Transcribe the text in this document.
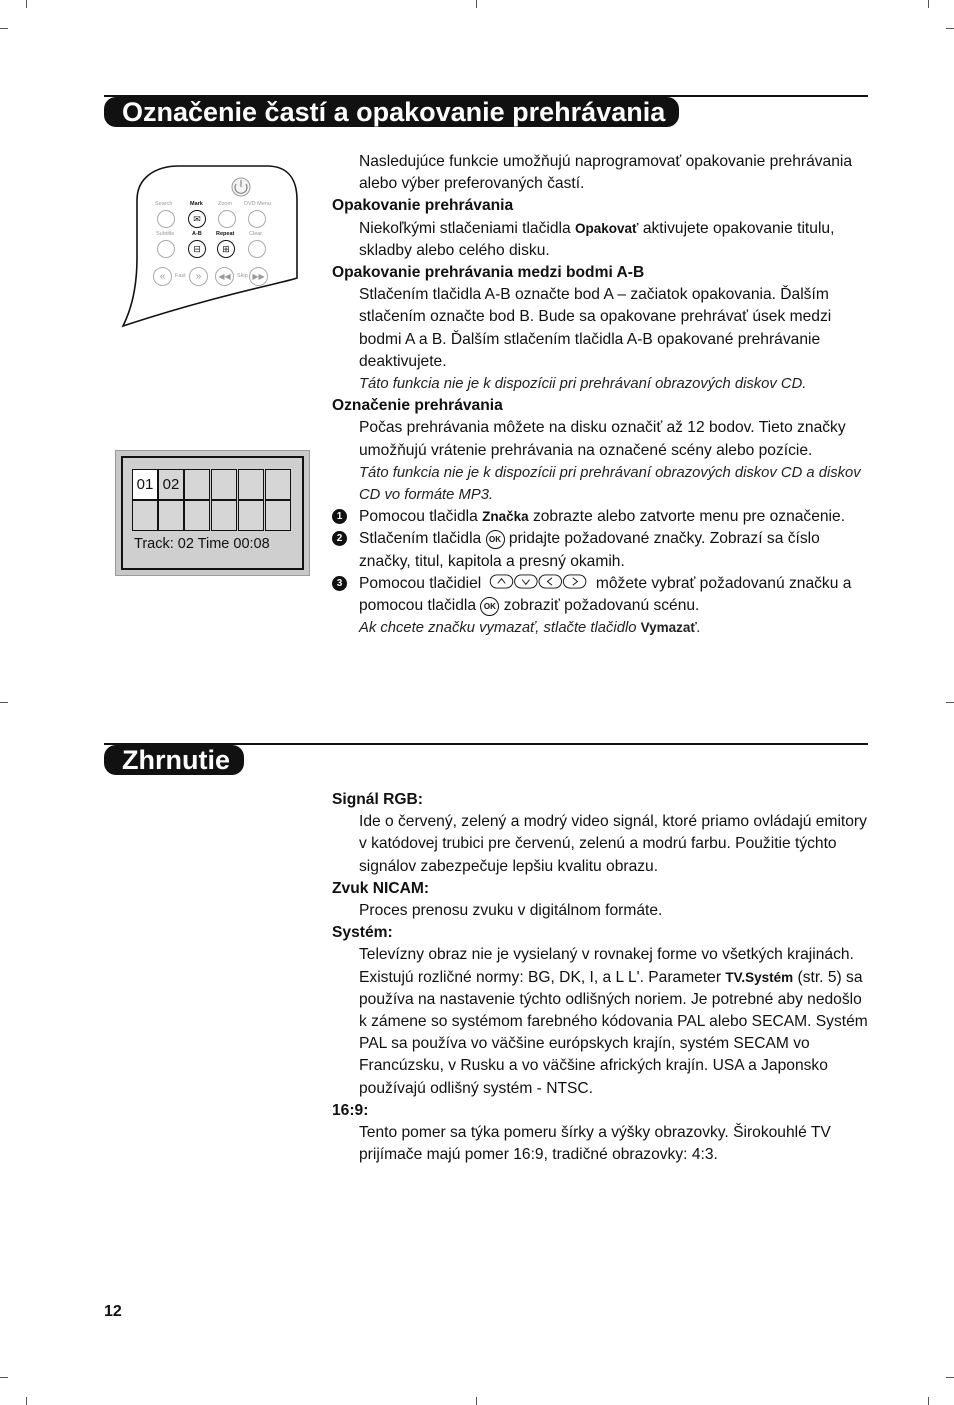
Označenie častí a opakovanie prehrávania
Search	Mark	Zoom DVD Menu
✉
Subtitle	A-B	Repeat	Clear
⊟	⊞
«	Fast	»	◀◀	Skip ▶▶
01 02
Track: 02 Time 00:08

Nasledujúce funkcie umožňujú naprogramovať opakovanie prehrávania alebo výber preferovaných častí.

Opakovanie prehrávania

Niekoľkými stlačeniami tlačidla Opakovať aktivujete opakovanie titulu, skladby alebo celého disku.

Opakovanie prehrávania medzi bodmi A-B

Stlačením tlačidla A-B označte bod A – začiatok opakovania. Ďalším stlačením označte bod B. Bude sa opakovane prehrávať úsek medzi bodmi A a B. Ďalším stlačením tlačidla A-B opakované prehrávanie deaktivujete.

Táto funkcia nie je k dispozícii pri prehrávaní obrazových diskov CD.

Označenie prehrávania

Počas prehrávania môžete na disku označiť až 12 bodov. Tieto značky umožňujú vrátenie prehrávania na označené scény alebo pozície.

Táto funkcia nie je k dispozícii pri prehrávaní obrazových diskov CD a diskov CD vo formáte MP3.

1	Pomocou tlačidla Značka zobrazte alebo zatvorte menu pre označenie.

2	Stlačením tlačidla OK pridajte požadované značky. Zobrazí sa číslo značky, titul, kapitola a presný okamih.

3	Pomocou tlačidiel	môžete vybrať požadovanú značku a pomocou tlačidla OK zobraziť požadovanú scénu.

Ak chcete značku vymazať, stlačte tlačidlo Vymazať.

Zhrnutie

Signál RGB:

Ide o červený, zelený a modrý video signál, ktoré priamo ovládajú emitory v katódovej trubici pre červenú, zelenú a modrú farbu. Použitie týchto signálov zabezpečuje lepšiu kvalitu obrazu.

Zvuk NICAM:

Proces prenosu zvuku v digitálnom formáte.

Systém:

Televízny obraz nie je vysielaný v rovnakej forme vo všetkých krajinách. Existujú rozličné normy: BG, DK, I, a L L'. Parameter TV.Systém (str. 5) sa používa na nastavenie týchto odlišných noriem. Je potrebné aby nedošlo k zámene so systémom farebného kódovania PAL alebo SECAM. Systém PAL sa používa vo väčšine európskych krajín, systém SECAM vo Francúzsku, v Rusku a vo väčšine afrických krajín. USA a Japonsko používajú odlišný systém - NTSC.

16:9:

Tento pomer sa týka pomeru šírky a výšky obrazovky. Širokouhlé TV prijímače majú pomer 16:9, tradičné obrazovky: 4:3.

12
